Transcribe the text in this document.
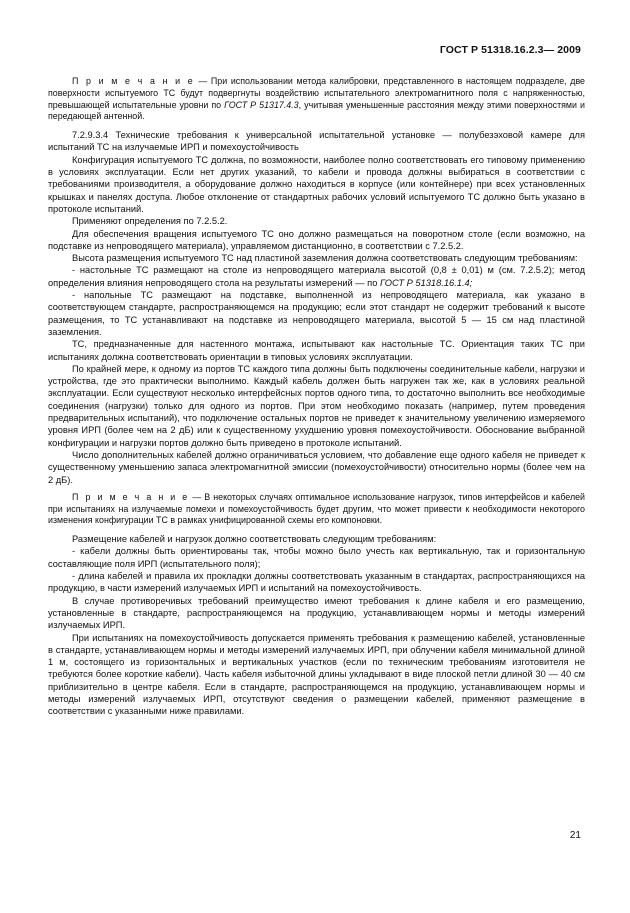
ГОСТ Р 51318.16.2.3— 2009

П р и м е ч а н и е — При использовании метода калибровки, представленного в настоящем подразделе, две поверхности испытуемого ТС будут подвергнуты воздействию испытательного электромагнитного поля с напряженностью, превышающей испытательные уровни по ГОСТ Р 51317.4.3, учитывая уменьшенные расстояния между этими поверхностями и передающей антенной.

7.2.9.3.4 Технические требования к универсальной испытательной установке — полубезэховой камере для испытаний ТС на излучаемые ИРП и помехоустойчивость

Конфигурация испытуемого ТС должна, по возможности, наиболее полно соответствовать его типовому применению в условиях эксплуатации. Если нет других указаний, то кабели и провода должны выбираться в соответствии с требованиями производителя, а оборудование должно находиться в корпусе (или контейнере) при всех установленных крышках и панелях доступа. Любое отклонение от стандартных рабочих условий испытуемого ТС должно быть указано в протоколе испытаний.

Применяют определения по 7.2.5.2.

Для обеспечения вращения испытуемого ТС оно должно размещаться на поворотном столе (если возможно, на подставке из непроводящего материала), управляемом дистанционно, в соответствии с 7.2.5.2.

Высота размещения испытуемого ТС над пластиной заземления должна соответствовать следующим требованиям:

- настольные ТС размещают на столе из непроводящего материала высотой (0,8 ± 0,01) м (см. 7.2.5.2); метод определения влияния непроводящего стола на результаты измерений — по ГОСТ Р 51318.16.1.4;

- напольные ТС размещают на подставке, выполненной из непроводящего материала, как указано в соответствующем стандарте, распространяющемся на продукцию; если этот стандарт не содержит требований к высоте размещения, то ТС устанавливают на подставке из непроводящего материала, высотой 5 — 15 см над пластиной заземления.

ТС, предназначенные для настенного монтажа, испытывают как настольные ТС. Ориентация таких ТС при испытаниях должна соответствовать ориентации в типовых условиях эксплуатации.

По крайней мере, к одному из портов ТС каждого типа должны быть подключены соединительные кабели, нагрузки и устройства, где это практически выполнимо. Каждый кабель должен быть нагружен так же, как в условиях реальной эксплуатации. Если существуют несколько интерфейсных портов одного типа, то достаточно выполнить все необходимые соединения (нагрузки) только для одного из портов. При этом необходимо показать (например, путем проведения предварительных испытаний), что подключение остальных портов не приведет к значительному увеличению измеряемого уровня ИРП (более чем на 2 дБ) или к существенному ухудшению уровня помехоустойчивости. Обоснование выбранной конфигурации и нагрузки портов должно быть приведено в протоколе испытаний.

Число дополнительных кабелей должно ограничиваться условием, что добавление еще одного кабеля не приведет к существенному уменьшению запаса электромагнитной эмиссии (помехоустойчивости) относительно нормы (более чем на 2 дБ).

П р и м е ч а н и е — В некоторых случаях оптимальное использование нагрузок, типов интерфейсов и кабелей при испытаниях на излучаемые помехи и помехоустойчивость будет другим, что может привести к необходимости некоторого изменения конфигурации ТС в рамках унифицированной схемы его компоновки.

Размещение кабелей и нагрузок должно соответствовать следующим требованиям:

- кабели должны быть ориентированы так, чтобы можно было учесть как вертикальную, так и горизонтальную составляющие поля ИРП (испытательного поля);

- длина кабелей и правила их прокладки должны соответствовать указанным в стандартах, распространяющихся на продукцию, в части измерений излучаемых ИРП и испытаний на помехоустойчивость.

В случае противоречивых требований преимущество имеют требования к длине кабеля и его размещению, установленные в стандарте, распространяющемся на продукцию, устанавливающем нормы и методы измерений излучаемых ИРП.

При испытаниях на помехоустойчивость допускается применять требования к размещению кабелей, установленные в стандарте, устанавливающем нормы и методы измерений излучаемых ИРП, при облучении кабеля минимальной длиной 1 м, состоящего из горизонтальных и вертикальных участков (если по техническим требованиям изготовителя не требуются более короткие кабели). Часть кабеля избыточной длины укладывают в виде плоской петли длиной 30 — 40 см приблизительно в центре кабеля. Если в стандарте, распространяющемся на продукцию, устанавливающем нормы и методы измерений излучаемых ИРП, отсутствуют сведения о размещении кабелей, применяют размещение в соответствии с указанными ниже правилами.

21
